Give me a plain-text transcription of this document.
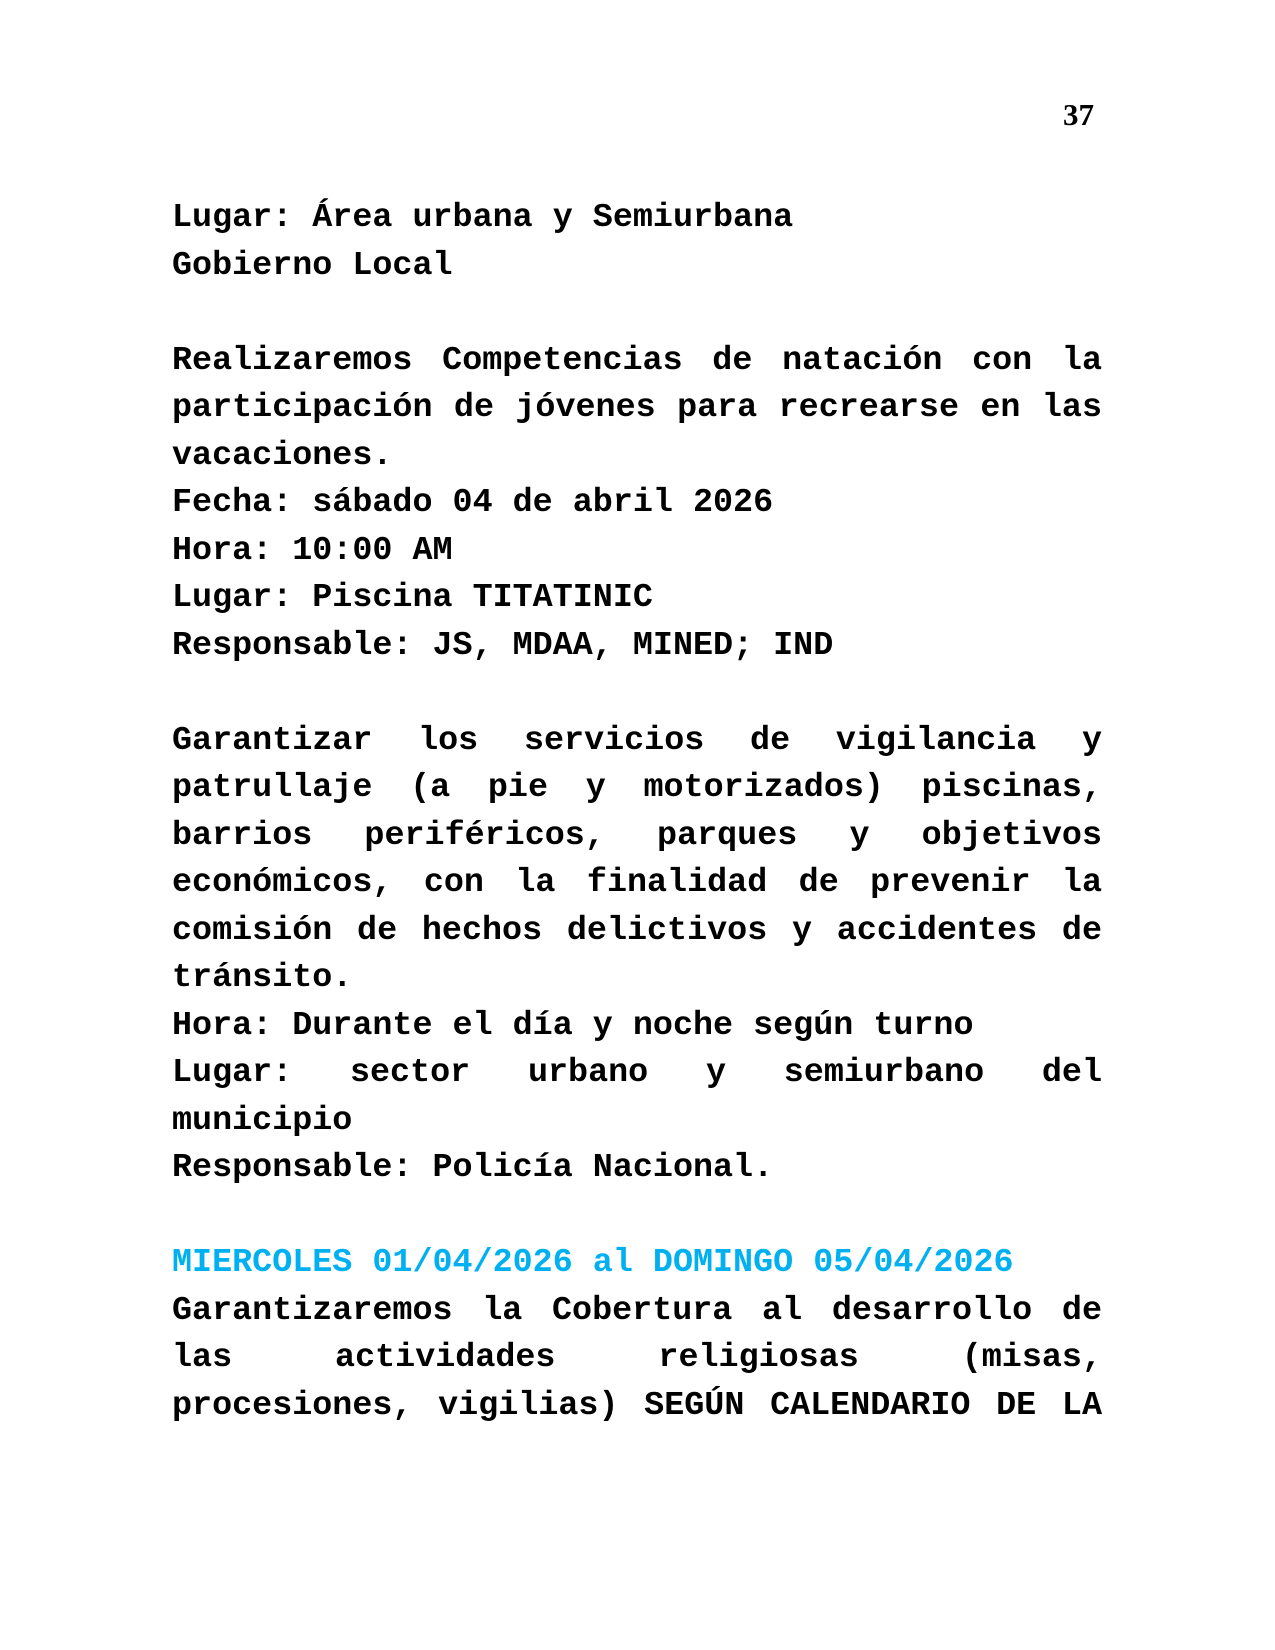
37
Lugar: Área urbana y Semiurbana
Gobierno Local
Realizaremos Competencias de natación con la participación de jóvenes para recrearse en las vacaciones.
Fecha: sábado 04 de abril 2026
Hora: 10:00 AM
Lugar: Piscina TITATINIC
Responsable: JS, MDAA, MINED; IND
Garantizar los servicios de vigilancia y patrullaje (a pie y motorizados) piscinas, barrios periféricos, parques y objetivos económicos, con la finalidad de prevenir la comisión de hechos delictivos y accidentes de tránsito.
Hora: Durante el día y noche según turno
Lugar: sector urbano y semiurbano del municipio
Responsable: Policía Nacional.
MIERCOLES 01/04/2026 al DOMINGO 05/04/2026
Garantizaremos la Cobertura al desarrollo de las actividades religiosas (misas, procesiones, vigilias) SEGÚN CALENDARIO DE LA
